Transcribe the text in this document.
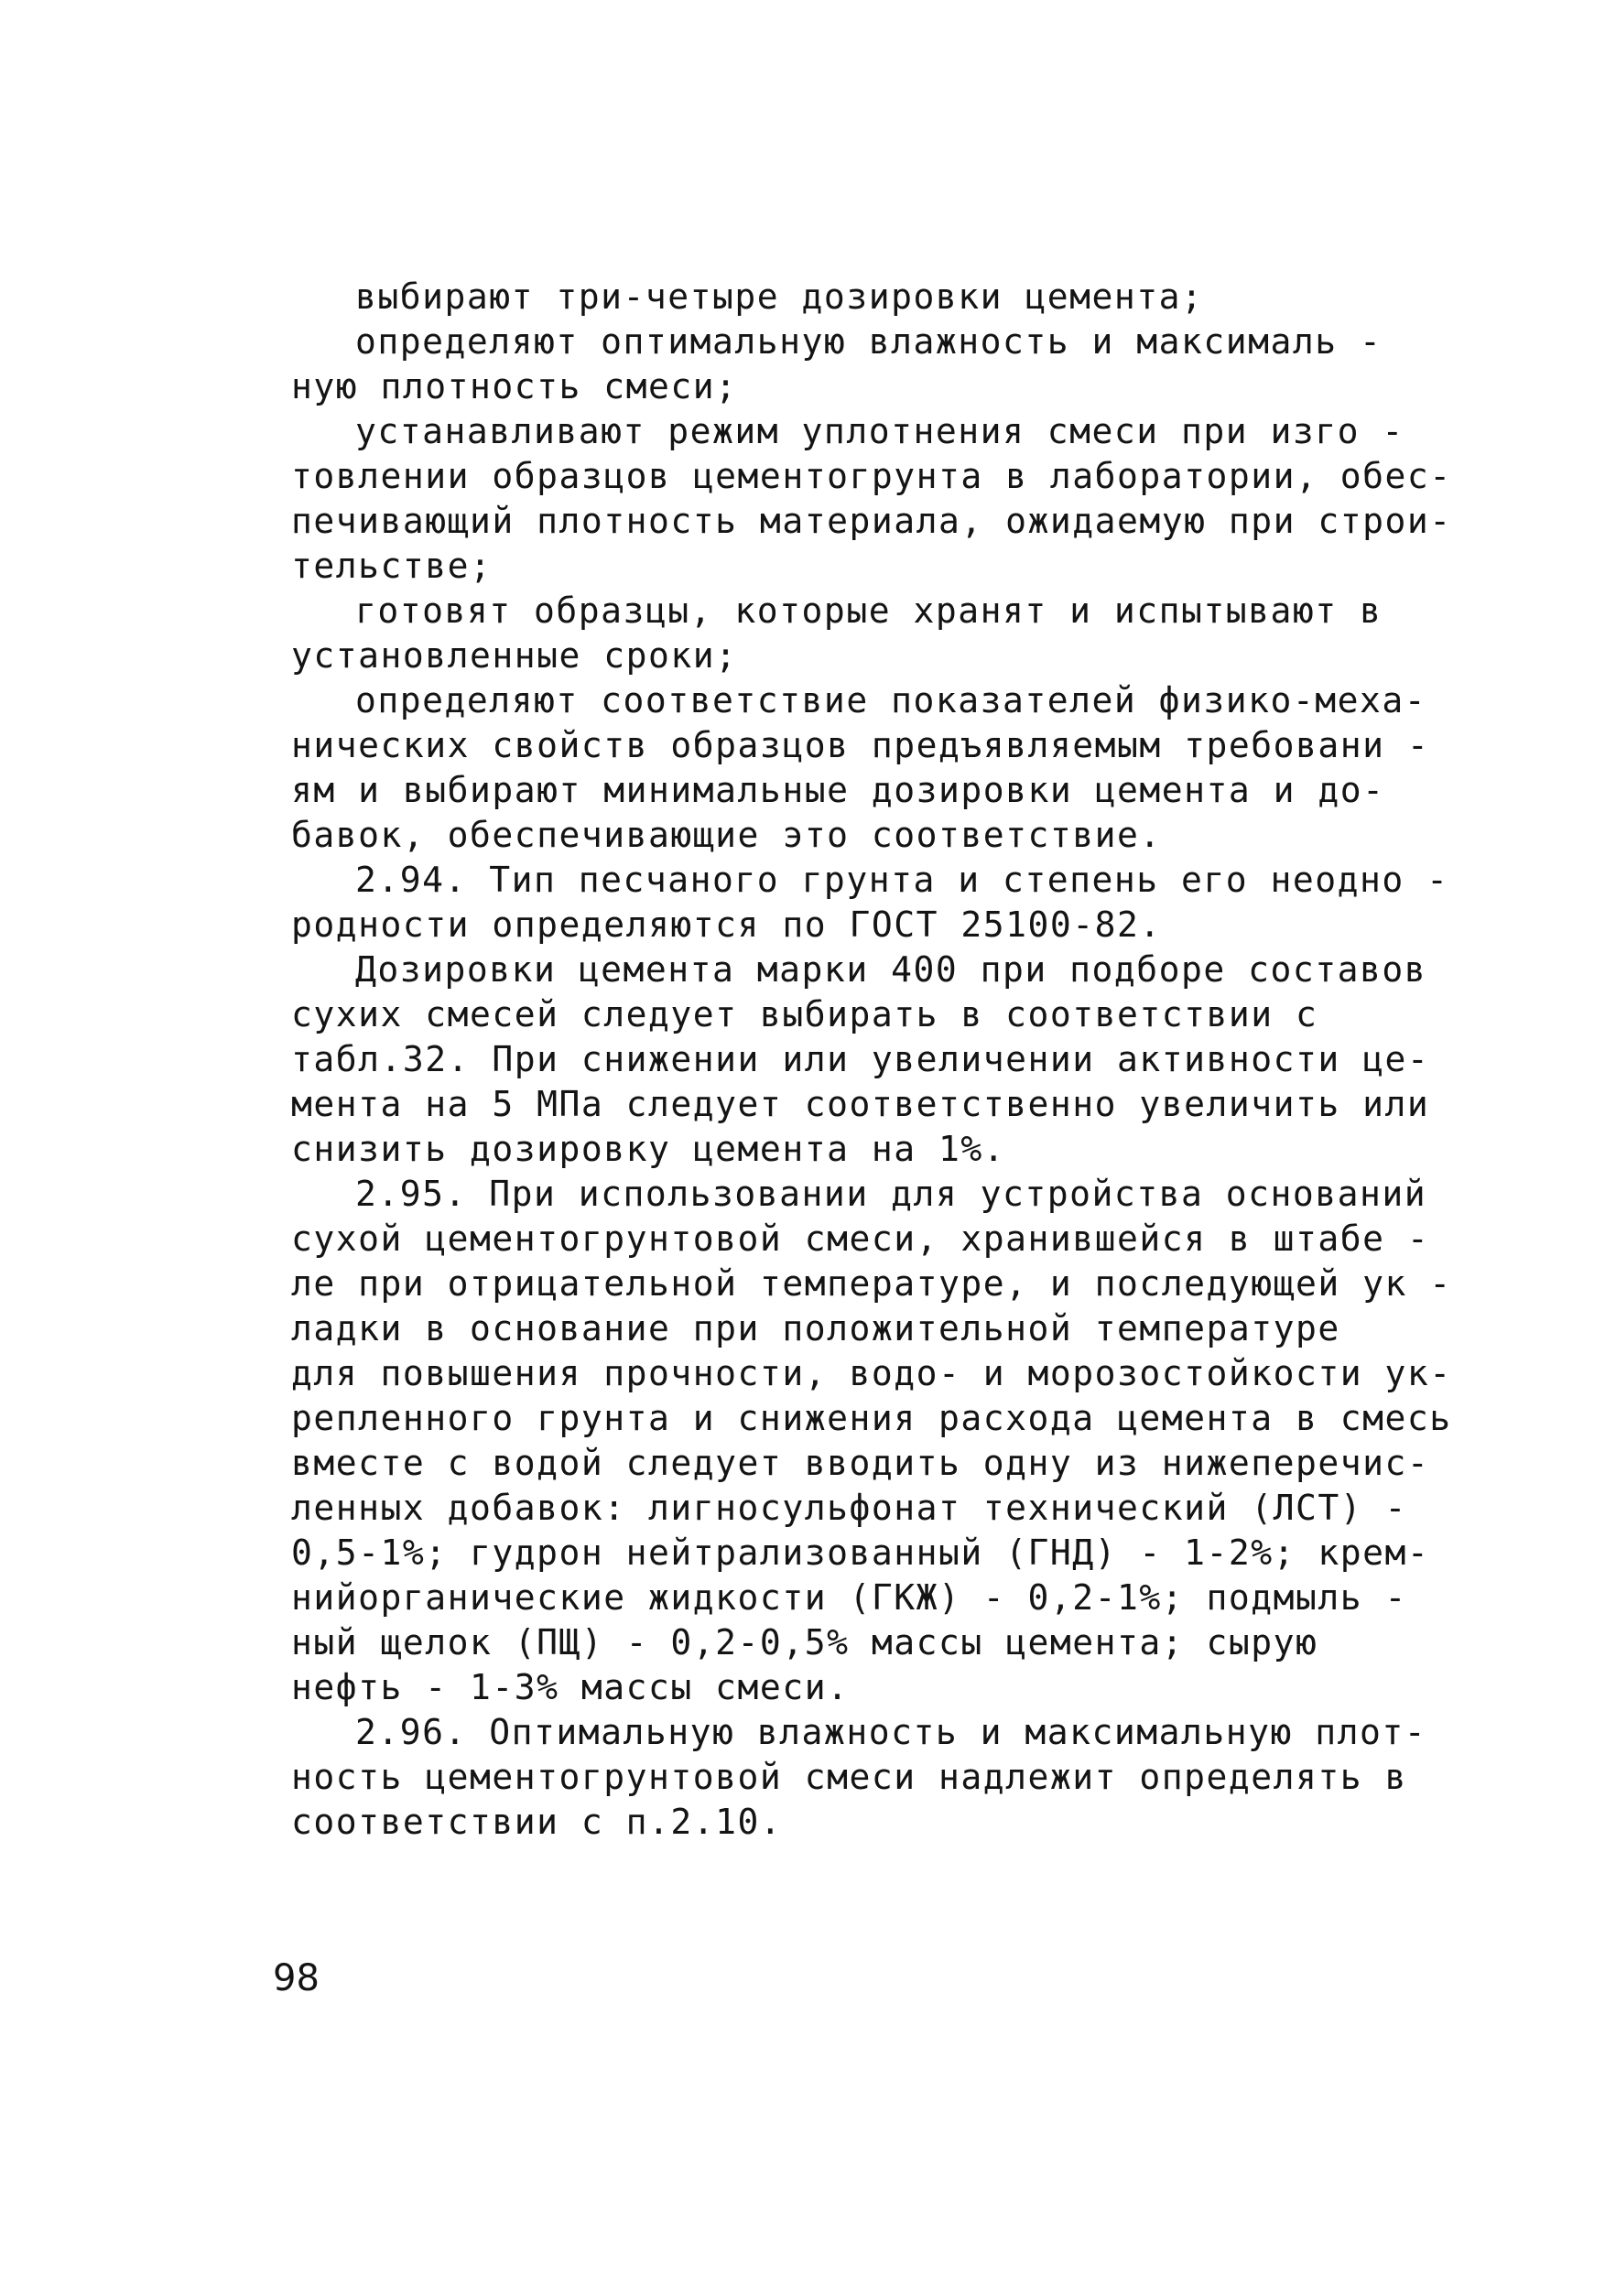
выбирают три-четыре дозировки цемента;
определяют оптимальную влажность и максималь -
ную плотность смеси;
устанавливают режим уплотнения смеси при изго -
товлении образцов цементогрунта в лаборатории, обес-
печивающий плотность материала, ожидаемую при строи-
тельстве;
готовят образцы, которые хранят и испытывают в
установленные сроки;
определяют соответствие показателей физико-меха-
нических свойств образцов предъявляемым требовани -
ям и выбирают минимальные дозировки цемента и до-
бавок, обеспечивающие это соответствие.
2.94. Тип песчаного грунта и степень его неодно -
родности определяются по ГОСТ 25100-82.
Дозировки цемента марки 400 при подборе составов
сухих смесей следует выбирать в соответствии с
табл.32. При снижении или увеличении активности це-
мента на 5 МПа следует соответственно увеличить или
снизить дозировку цемента на 1%.
2.95. При использовании для устройства оснований
сухой цементогрунтовой смеси, хранившейся в штабе -
ле при отрицательной температуре, и последующей ук -
ладки в основание при положительной температуре
для повышения прочности, водо- и морозостойкости ук-
репленного грунта и снижения расхода цемента в смесь
вместе с водой следует вводить одну из нижеперечис-
ленных добавок: лигносульфонат технический (ЛСТ) -
0,5-1%; гудрон нейтрализованный (ГНД) - 1-2%; крем-
нийорганические жидкости (ГКЖ) - 0,2-1%; подмыль -
ный щелок (ПЩ) - 0,2-0,5% массы цемента; сырую
нефть - 1-3% массы смеси.
2.96. Оптимальную влажность и максимальную плот-
ность цементогрунтовой смеси надлежит определять в
соответствии с п.2.10.
98
